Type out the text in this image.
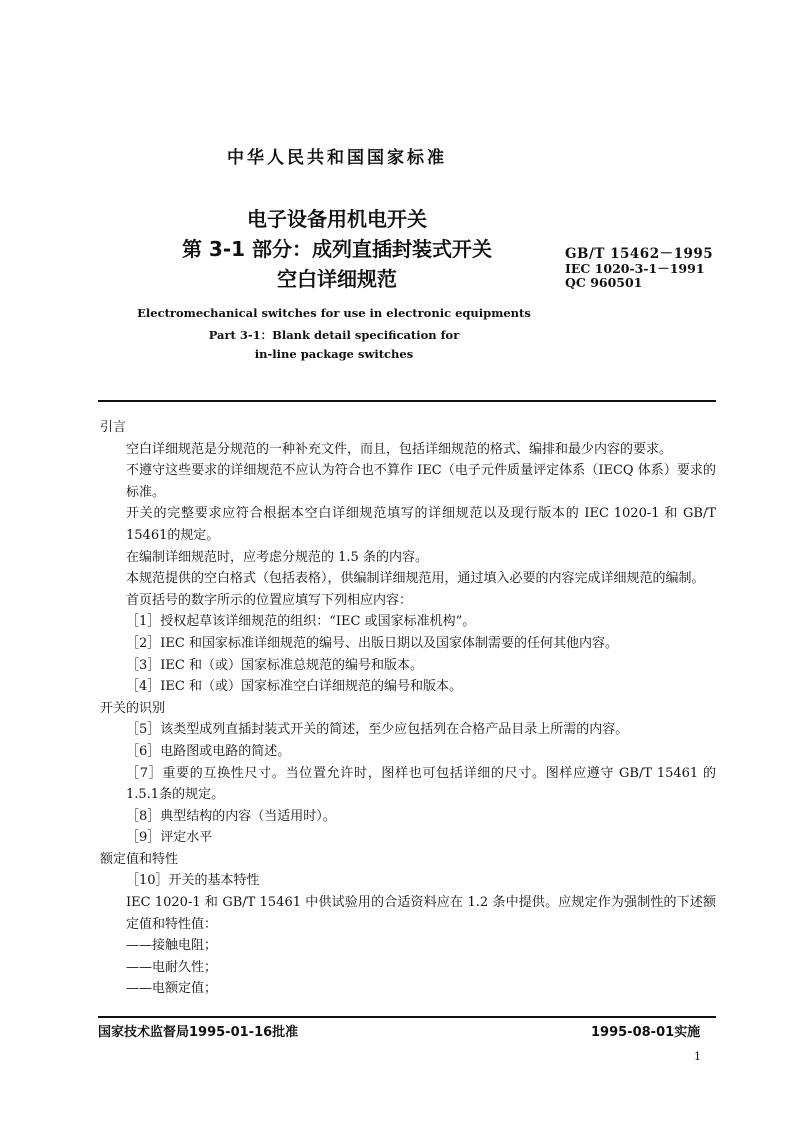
中华人民共和国国家标准
电子设备用机电开关
第 3-1 部分：成列直插封装式开关
空白详细规范
GB/T 15462－1995
IEC 1020-3-1－1991
QC 960501
Electromechanical switches for use in electronic equipments
Part 3-1：Blank detail specification for
in-line package switches

引言

空白详细规范是分规范的一种补充文件，而且，包括详细规范的格式、编排和最少内容的要求。

不遵守这些要求的详细规范不应认为符合也不算作 IEC（电子元件质量评定体系（IECQ 体系）要求的标准。

开关的完整要求应符合根据本空白详细规范填写的详细规范以及现行版本的 IEC 1020-1 和 GB/T 15461的规定。

在编制详细规范时，应考虑分规范的 1.5 条的内容。

本规范提供的空白格式（包括表格），供编制详细规范用，通过填入必要的内容完成详细规范的编制。

首页括号的数字所示的位置应填写下列相应内容：

［1］授权起草该详细规范的组织：“IEC 或国家标准机构”。

［2］IEC 和国家标准详细规范的编号、出版日期以及国家体制需要的任何其他内容。

［3］IEC 和（或）国家标准总规范的编号和版本。

［4］IEC 和（或）国家标准空白详细规范的编号和版本。

开关的识别

［5］该类型成列直插封装式开关的简述，至少应包括列在合格产品目录上所需的内容。

［6］电路图或电路的简述。

［7］重要的互换性尺寸。当位置允许时，图样也可包括详细的尺寸。图样应遵守 GB/T 15461 的 1.5.1条的规定。

［8］典型结构的内容（当适用时）。

［9］评定水平

额定值和特性

［10］开关的基本特性

IEC 1020-1 和 GB/T 15461 中供试验用的合适资料应在 1.2 条中提供。应规定作为强制性的下述额定值和特性值：

——接触电阻；

——电耐久性；

——电额定值；

国家技术监督局1995-01-16批准	1995-08-01实施
1
